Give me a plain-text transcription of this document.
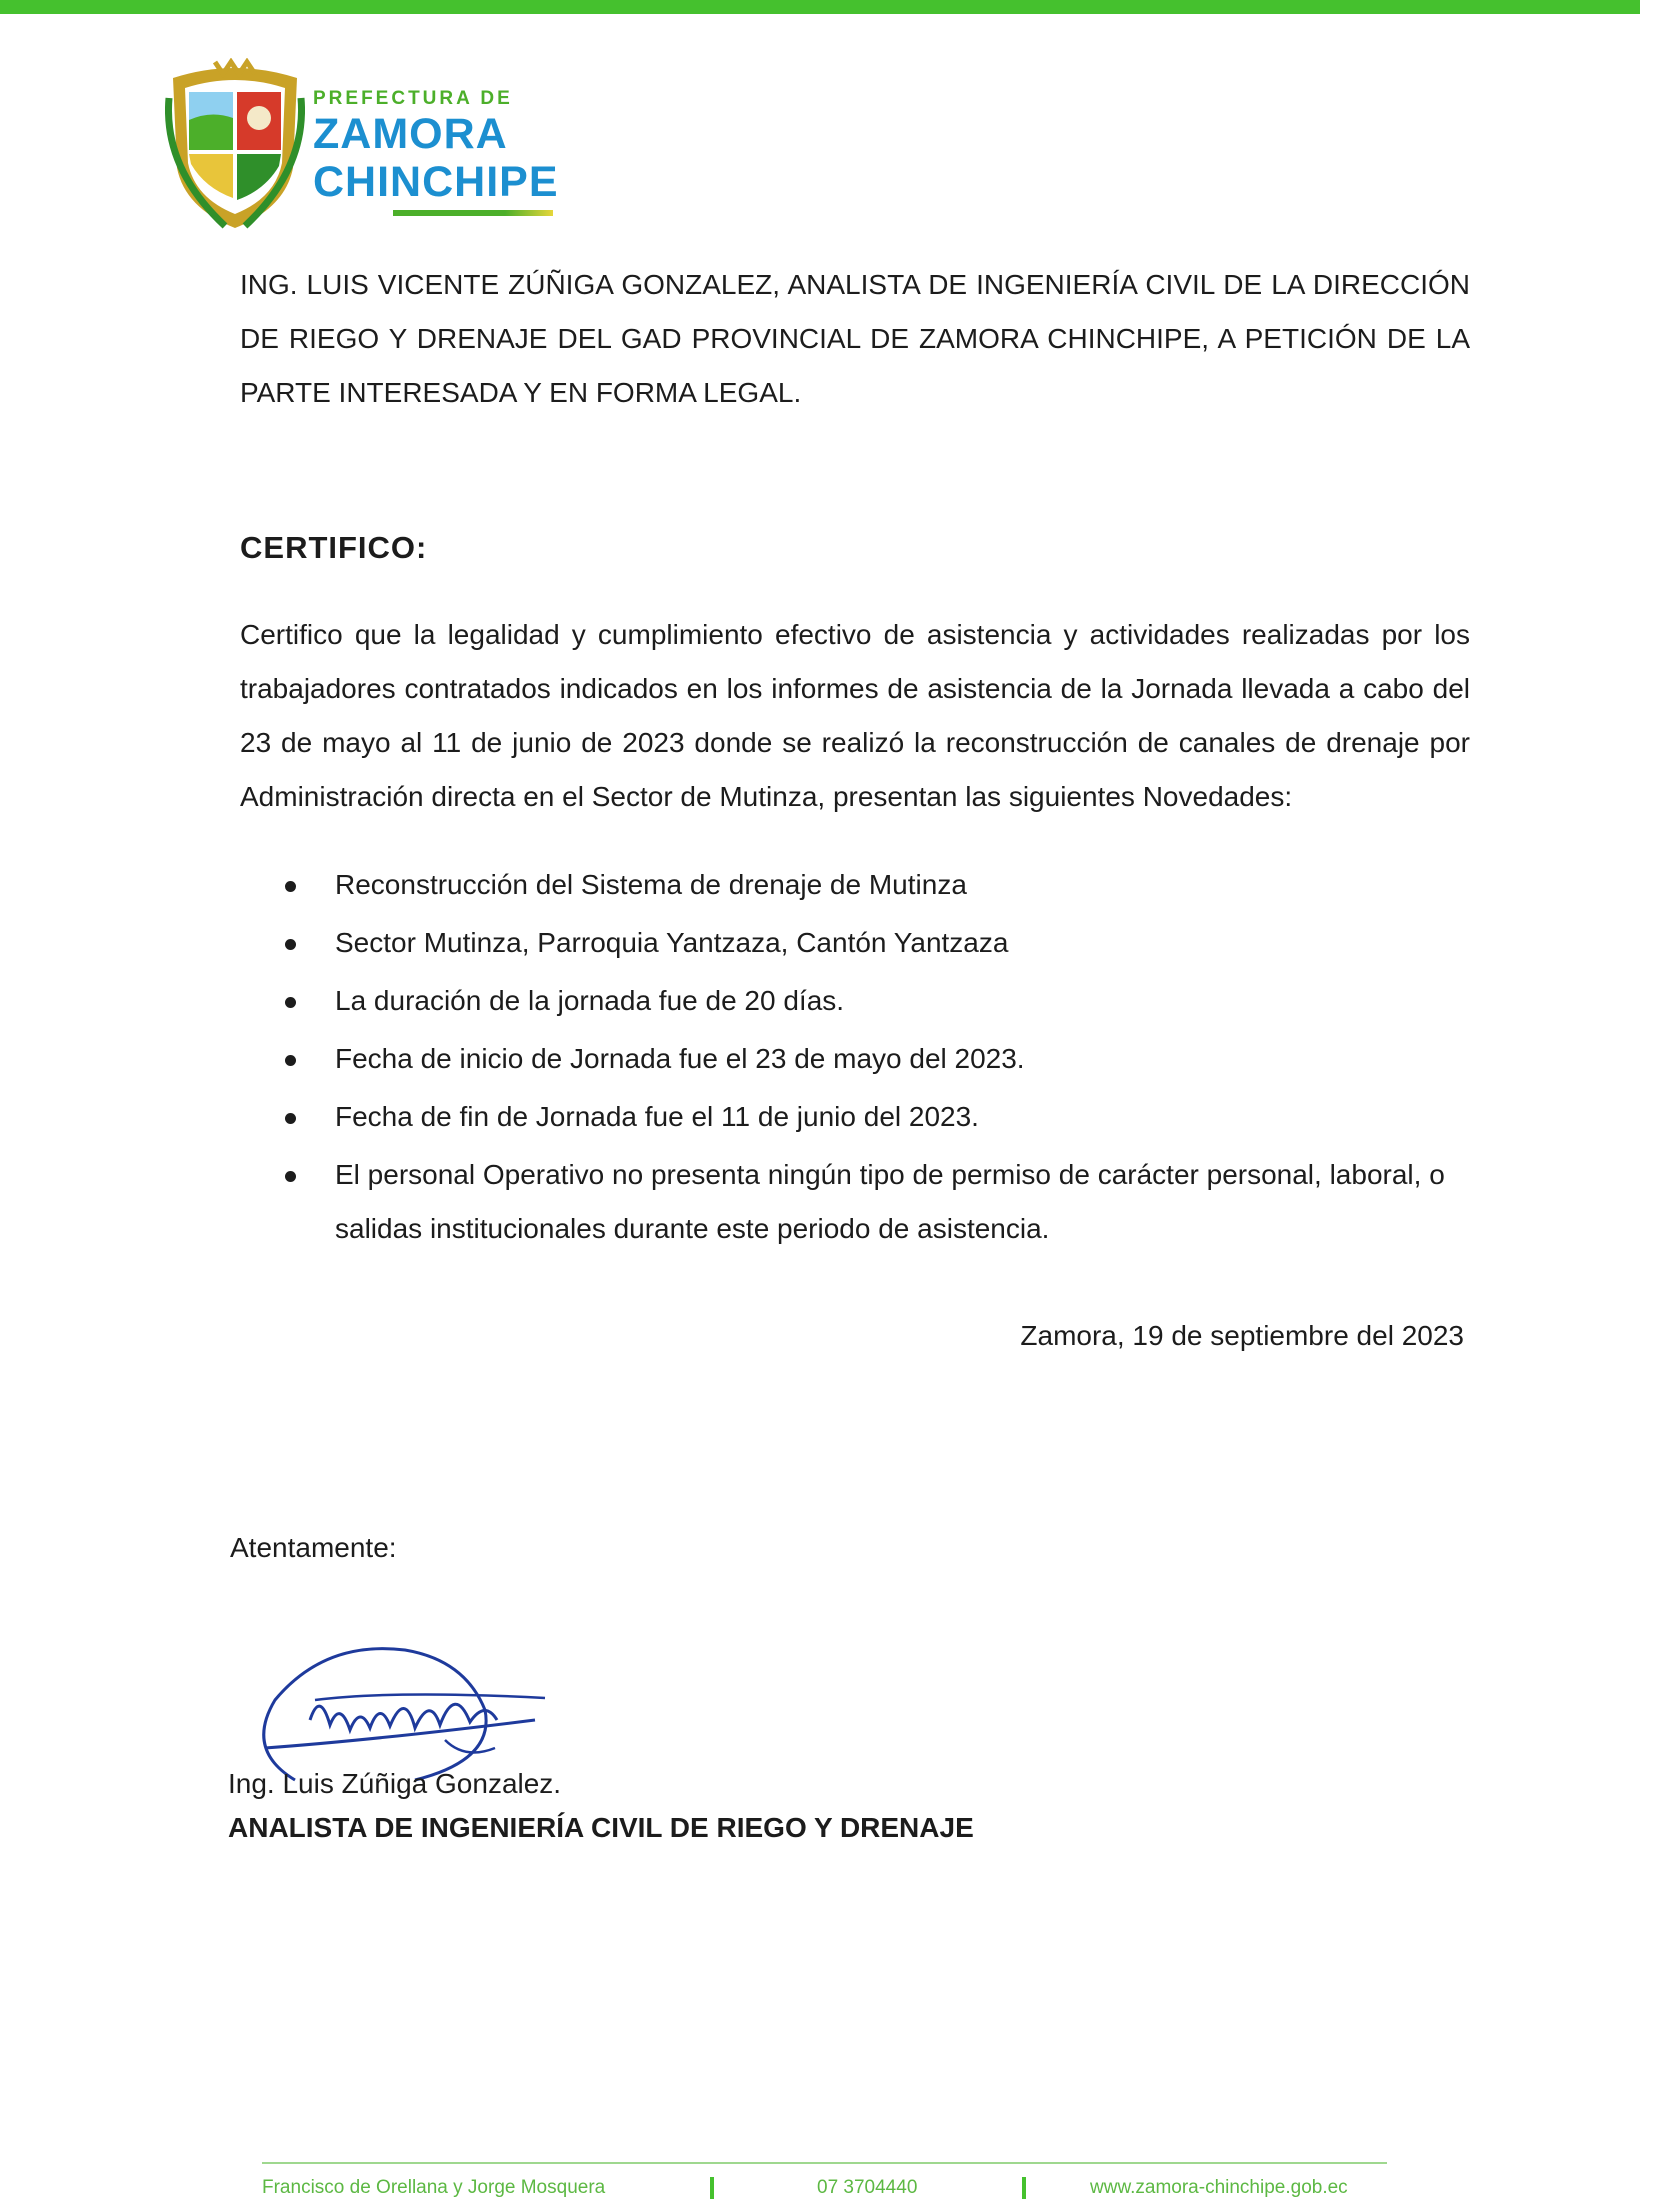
PREFECTURA DE
ZAMORA
CHINCHIPE
ING. LUIS VICENTE ZÚÑIGA GONZALEZ, ANALISTA DE INGENIERÍA CIVIL DE LA DIRECCIÓN DE RIEGO Y DRENAJE DEL GAD PROVINCIAL DE ZAMORA CHINCHIPE, A PETICIÓN DE LA PARTE INTERESADA Y EN FORMA LEGAL.
CERTIFICO:
Certifico que la legalidad y cumplimiento efectivo de asistencia y actividades realizadas por los trabajadores contratados indicados en los informes de asistencia de la Jornada llevada a cabo del 23 de mayo al 11 de junio de 2023 donde se realizó la reconstrucción de canales de drenaje por Administración directa en el Sector de Mutinza, presentan las siguientes Novedades:
Reconstrucción del Sistema de drenaje de Mutinza
Sector Mutinza, Parroquia Yantzaza, Cantón Yantzaza
La duración de la jornada fue de 20 días.
Fecha de inicio de Jornada fue el 23 de mayo del 2023.
Fecha de fin de Jornada fue el 11 de junio del 2023.
El personal Operativo no presenta ningún tipo de permiso de carácter personal, laboral, o salidas institucionales durante este periodo de asistencia.
Zamora, 19 de septiembre del 2023
Atentamente:
Ing. Luis Zúñiga Gonzalez.
ANALISTA DE INGENIERÍA CIVIL DE RIEGO Y DRENAJE
Francisco de Orellana y Jorge Mosquera	07 3704440	www.zamora-chinchipe.gob.ec
